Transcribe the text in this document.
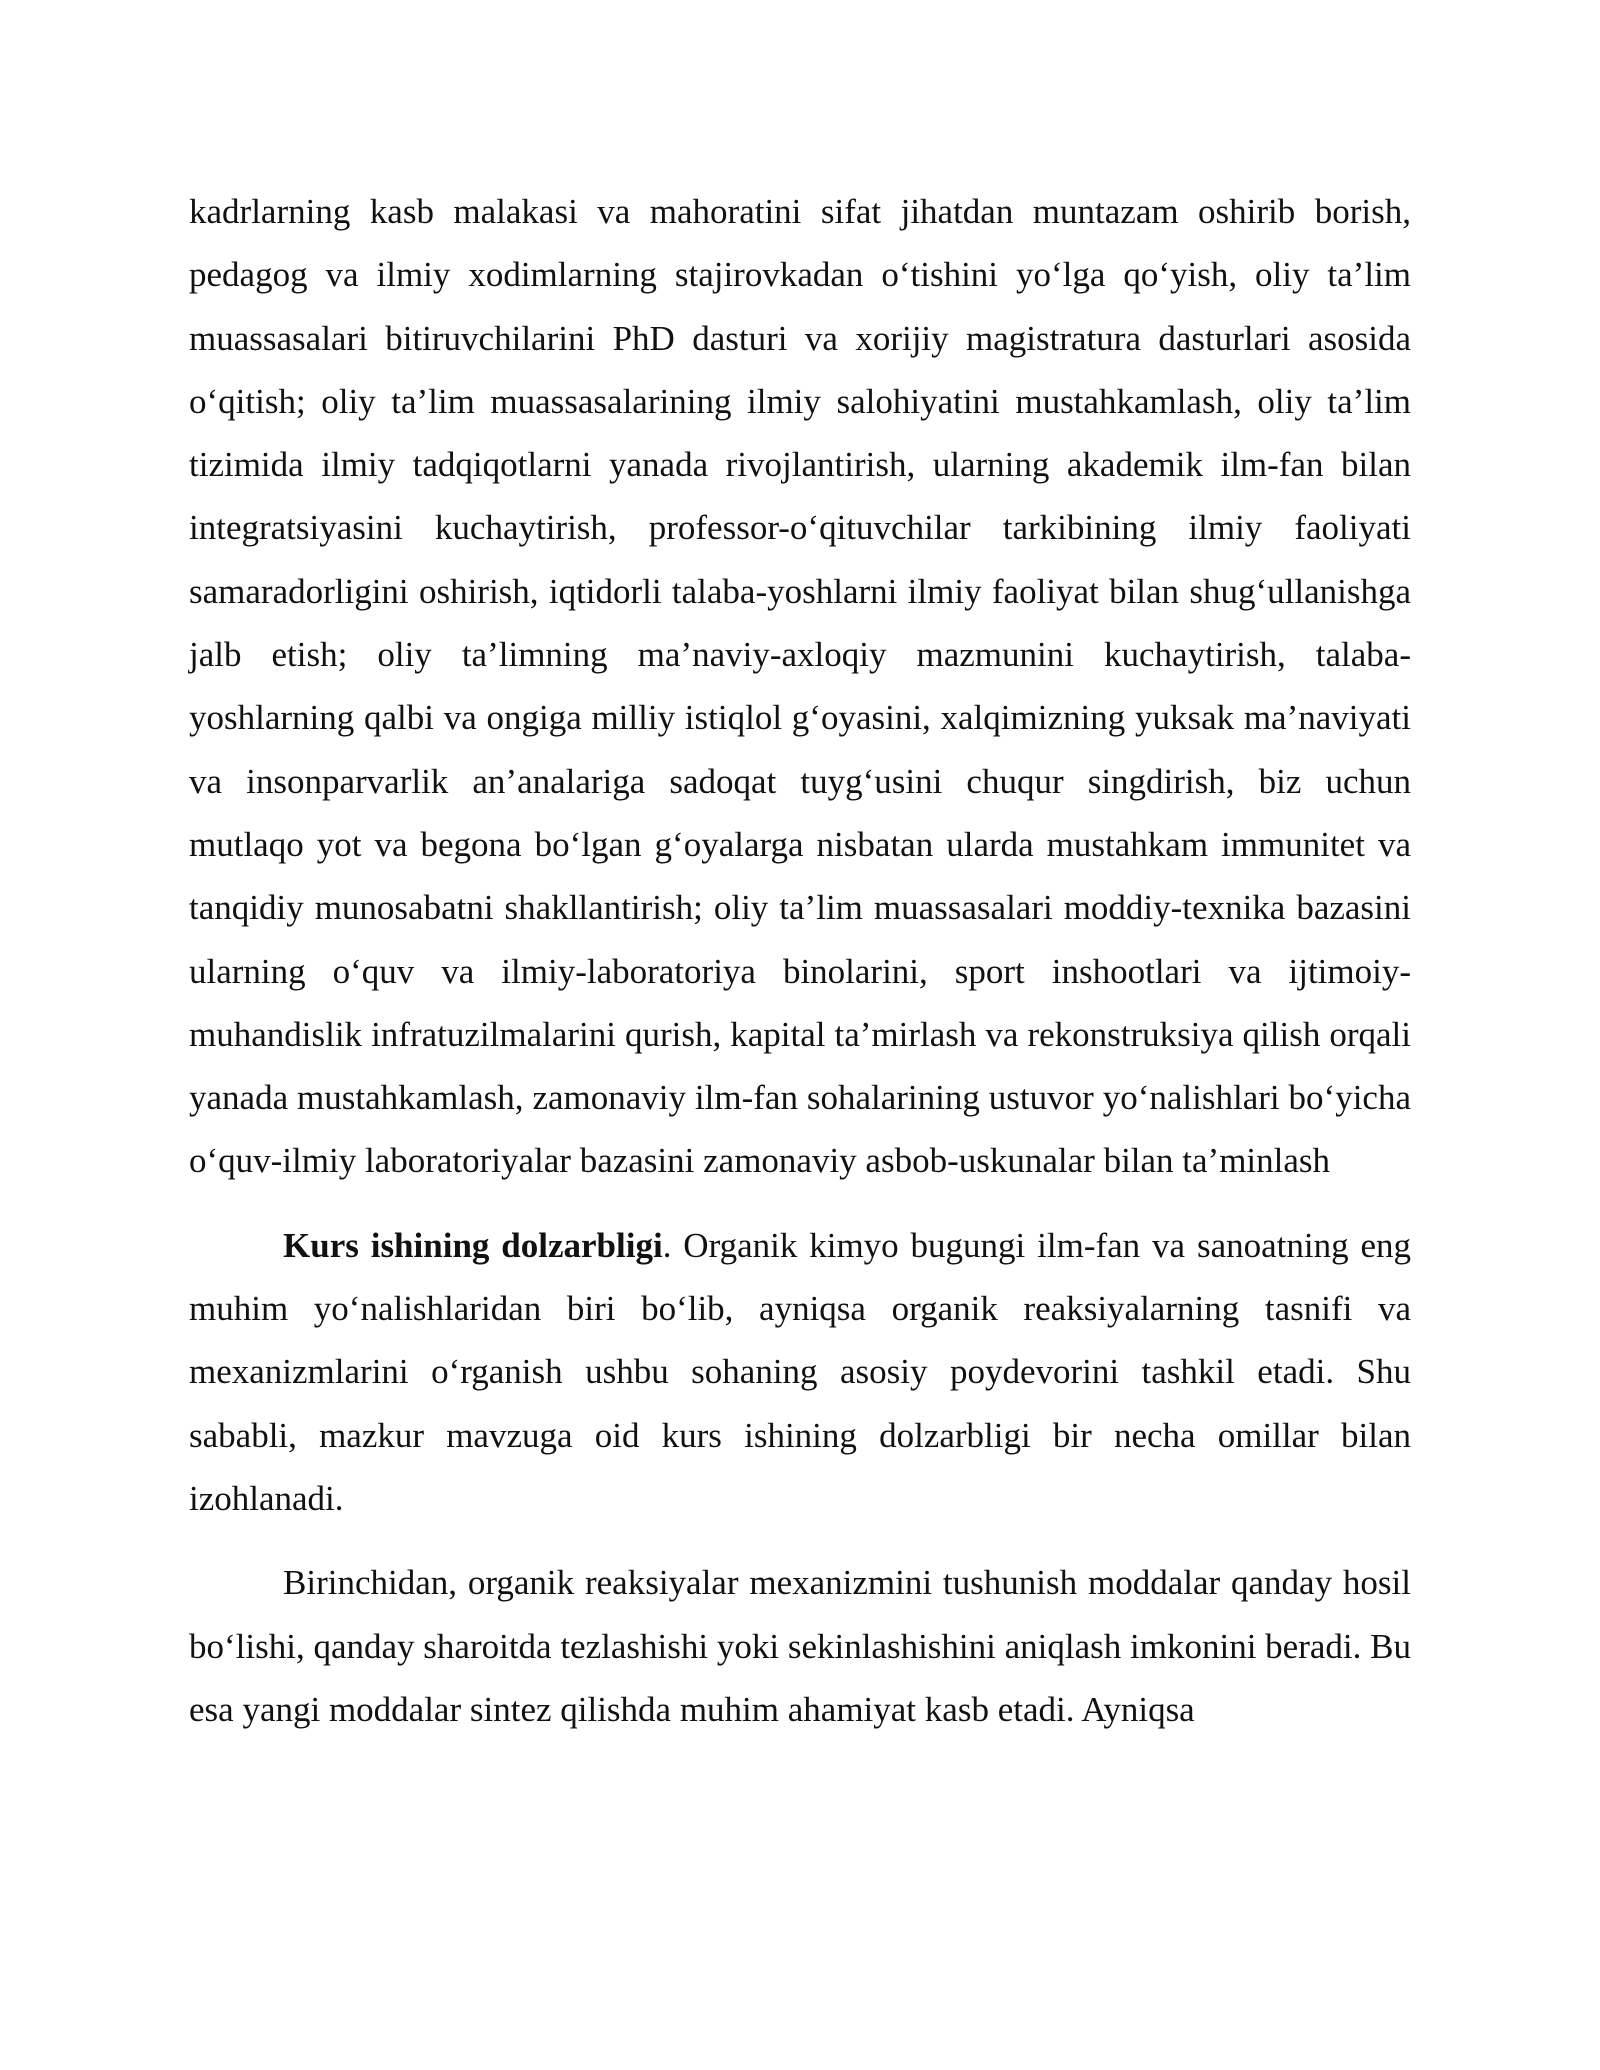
kadrlarning kasb malakasi va mahoratini sifat jihatdan muntazam oshirib borish, pedagog va ilmiy xodimlarning stajirovkadan o‘tishini yo‘lga qo‘yish, oliy ta’lim muassasalari bitiruvchilarini PhD dasturi va xorijiy magistratura dasturlari asosida o‘qitish; oliy ta’lim muassasalarining ilmiy salohiyatini mustahkamlash, oliy ta’lim tizimida ilmiy tadqiqotlarni yanada rivojlantirish, ularning akademik ilm-fan bilan integratsiyasini kuchaytirish, professor-o‘qituvchilar tarkibining ilmiy faoliyati samaradorligini oshirish, iqtidorli talaba-yoshlarni ilmiy faoliyat bilan shug‘ullanishga jalb etish; oliy ta’limning ma’naviy-axloqiy mazmunini kuchaytirish, talaba-yoshlarning qalbi va ongiga milliy istiqlol g‘oyasini, xalqimizning yuksak ma’naviyati va insonparvarlik an’analariga sadoqat tuyg‘usini chuqur singdirish, biz uchun mutlaqo yot va begona bo‘lgan g‘oyalarga nisbatan ularda mustahkam immunitet va tanqidiy munosabatni shakllantirish; oliy ta’lim muassasalari moddiy-texnika bazasini ularning o‘quv va ilmiy-laboratoriya binolarini, sport inshootlari va ijtimoiy-muhandislik infratuzilmalarini qurish, kapital ta’mirlash va rekonstruksiya qilish orqali yanada mustahkamlash, zamonaviy ilm-fan sohalarining ustuvor yo‘nalishlari bo‘yicha o‘quv-ilmiy laboratoriyalar bazasini zamonaviy asbob-uskunalar bilan ta’minlash

Kurs ishining dolzarbligi. Organik kimyo bugungi ilm-fan va sanoatning eng muhim yo‘nalishlaridan biri bo‘lib, ayniqsa organik reaksiyalarning tasnifi va mexanizmlarini o‘rganish ushbu sohaning asosiy poydevorini tashkil etadi. Shu sababli, mazkur mavzuga oid kurs ishining dolzarbligi bir necha omillar bilan izohlanadi.

Birinchidan, organik reaksiyalar mexanizmini tushunish moddalar qanday hosil bo‘lishi, qanday sharoitda tezlashishi yoki sekinlashishini aniqlash imkonini beradi. Bu esa yangi moddalar sintez qilishda muhim ahamiyat kasb etadi. Ayniqsa
